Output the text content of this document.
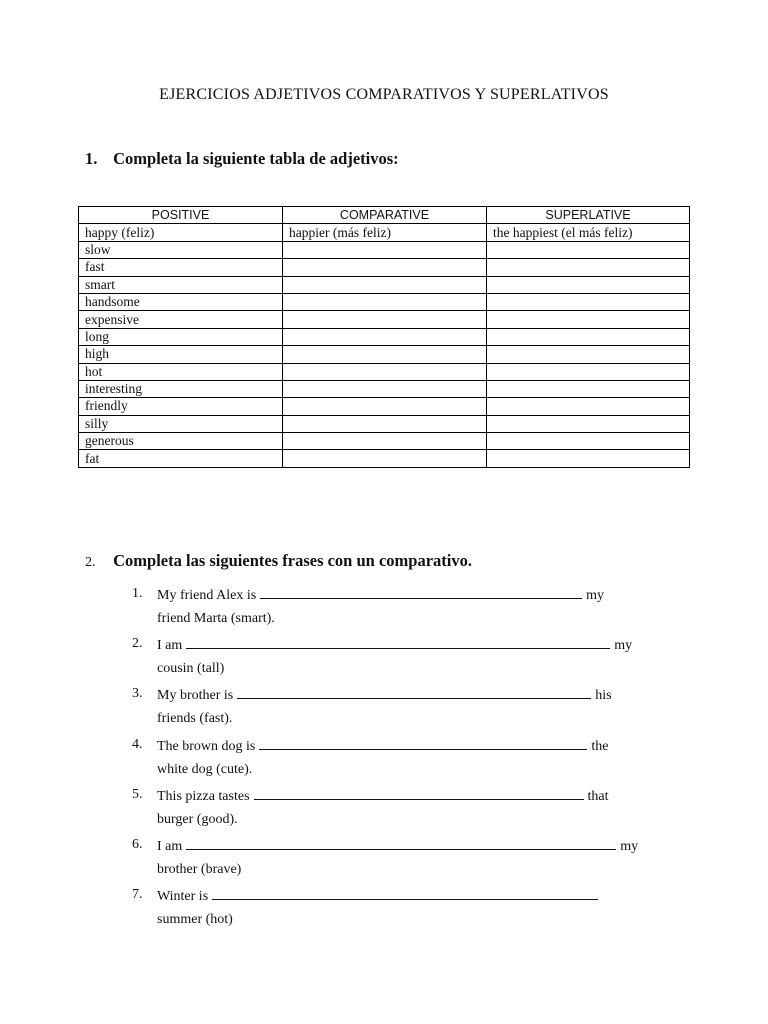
EJERCICIOS ADJETIVOS COMPARATIVOS Y SUPERLATIVOS
1. Completa la siguiente tabla de adjetivos:
POSITIVE	COMPARATIVE	SUPERLATIVE
happy (feliz)	happier (más feliz)	the happiest (el más feliz)
slow		
fast		
smart		
handsome		
expensive		
long		
high		
hot		
interesting		
friendly		
silly		
generous		
fat		
2. Completa las siguientes frases con un comparativo.
1.	My friend Alex is	my
friend Marta (smart).
2.	I am	my
cousin (tall)
3.	My brother is	his
friends (fast).
4.	The brown dog is	the
white dog (cute).
5.	This pizza tastes	that
burger (good).
6.	I am	my
brother (brave)
7.	Winter is
summer (hot)
